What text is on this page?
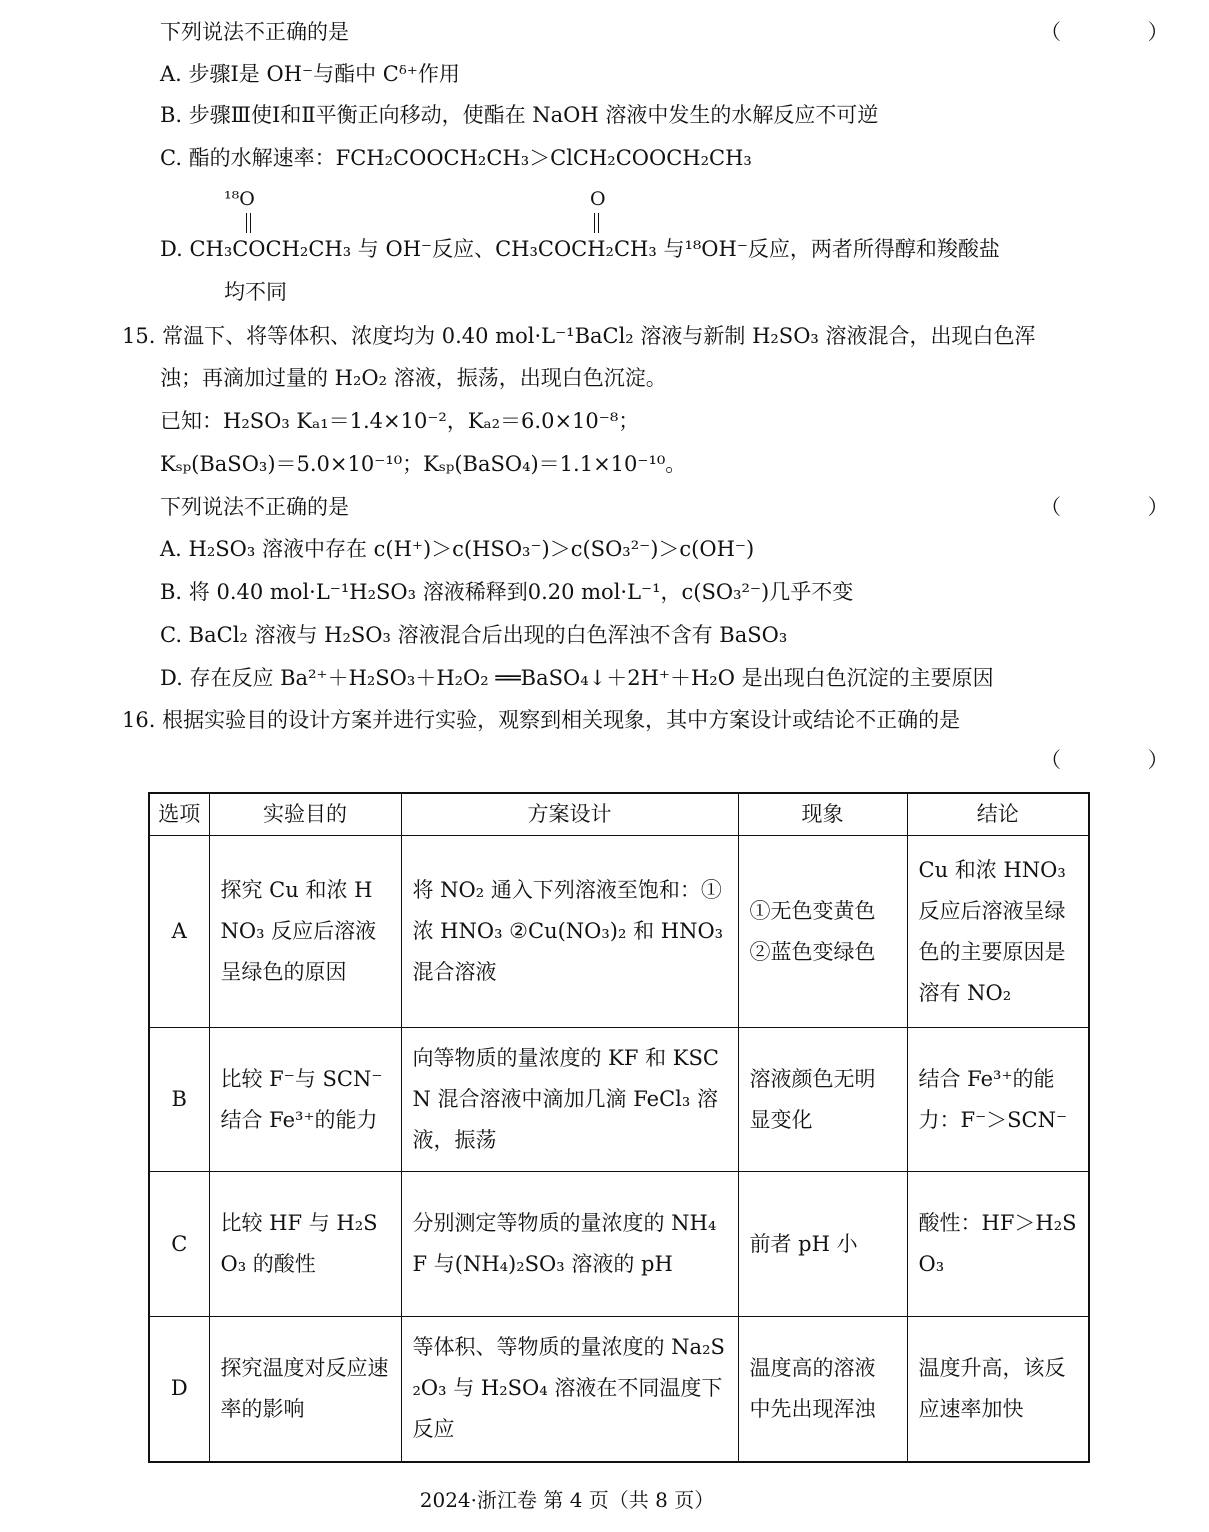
下列说法不正确的是	（ ）
A. 步骤Ⅰ是 OH⁻与酯中 Cᵟ⁺作用
B. 步骤Ⅲ使Ⅰ和Ⅱ平衡正向移动，使酯在 NaOH 溶液中发生的水解反应不可逆
C. 酯的水解速率：FCH₂COOCH₂CH₃＞ClCH₂COOCH₂CH₃
¹⁸O	O
D. CH₃COCH₂CH₃ 与 OH⁻反应、CH₃COCH₂CH₃ 与¹⁸OH⁻反应，两者所得醇和羧酸盐
均不同
15. 常温下、将等体积、浓度均为 0.40 mol·L⁻¹BaCl₂ 溶液与新制 H₂SO₃ 溶液混合，出现白色浑
浊；再滴加过量的 H₂O₂ 溶液，振荡，出现白色沉淀。
已知：H₂SO₃ Kₐ₁＝1.4×10⁻²，Kₐ₂＝6.0×10⁻⁸；
Kₛₚ(BaSO₃)＝5.0×10⁻¹⁰；Kₛₚ(BaSO₄)＝1.1×10⁻¹⁰。
下列说法不正确的是	（ ）
A. H₂SO₃ 溶液中存在 c(H⁺)＞c(HSO₃⁻)＞c(SO₃²⁻)＞c(OH⁻)
B. 将 0.40 mol·L⁻¹H₂SO₃ 溶液稀释到0.20 mol·L⁻¹，c(SO₃²⁻)几乎不变
C. BaCl₂ 溶液与 H₂SO₃ 溶液混合后出现的白色浑浊不含有 BaSO₃
D. 存在反应 Ba²⁺＋H₂SO₃＋H₂O₂ ══BaSO₄↓＋2H⁺＋H₂O 是出现白色沉淀的主要原因
16. 根据实验目的设计方案并进行实验，观察到相关现象，其中方案设计或结论不正确的是
（ ）
选项	实验目的	方案设计	现象	结论
A	探究 Cu 和浓 HNO₃ 反应后溶液呈绿色的原因	将 NO₂ 通入下列溶液至饱和：①浓 HNO₃ ②Cu(NO₃)₂ 和 HNO₃ 混合溶液	①无色变黄色 ②蓝色变绿色	Cu 和浓 HNO₃ 反应后溶液呈绿色的主要原因是溶有 NO₂
B	比较 F⁻与 SCN⁻ 结合 Fe³⁺的能力	向等物质的量浓度的 KF 和 KSCN 混合溶液中滴加几滴 FeCl₃ 溶液，振荡	溶液颜色无明显变化	结合 Fe³⁺的能力：F⁻＞SCN⁻
C	比较 HF 与 H₂SO₃ 的酸性	分别测定等物质的量浓度的 NH₄F 与(NH₄)₂SO₃ 溶液的 pH	前者 pH 小	酸性：HF＞H₂SO₃
D	探究温度对反应速率的影响	等体积、等物质的量浓度的 Na₂S₂O₃ 与 H₂SO₄ 溶液在不同温度下反应	温度高的溶液中先出现浑浊	温度升高，该反应速率加快
2024·浙江卷 第 4 页（共 8 页）
